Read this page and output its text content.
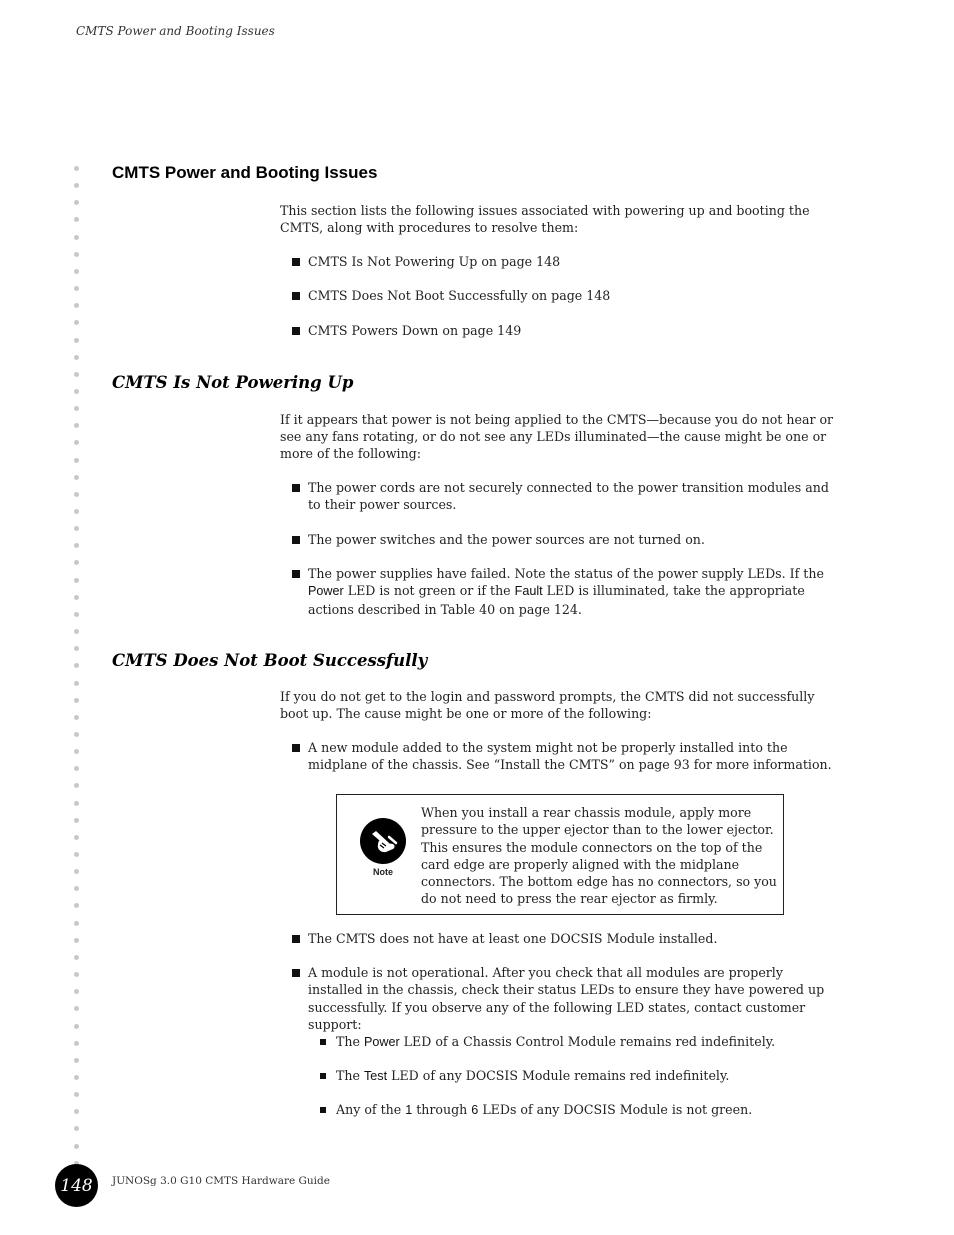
CMTS Power and Booting Issues
CMTS Power and Booting Issues

This section lists the following issues associated with powering up and booting the CMTS, along with procedures to resolve them:

CMTS Is Not Powering Up on page 148
CMTS Does Not Boot Successfully on page 148
CMTS Powers Down on page 149
CMTS Is Not Powering Up

If it appears that power is not being applied to the CMTS—because you do not hear or see any fans rotating, or do not see any LEDs illuminated—the cause might be one or more of the following:

The power cords are not securely connected to the power transition modules and to their power sources.
The power switches and the power sources are not turned on.
The power supplies have failed. Note the status of the power supply LEDs. If the Power LED is not green or if the Fault LED is illuminated, take the appropriate actions described in Table 40 on page 124.
CMTS Does Not Boot Successfully

If you do not get to the login and password prompts, the CMTS did not successfully boot up. The cause might be one or more of the following:

A new module added to the system might not be properly installed into the midplane of the chassis. See “Install the CMTS” on page 93 for more information.
Note
When you install a rear chassis module, apply more pressure to the upper ejector than to the lower ejector. This ensures the module connectors on the top of the card edge are properly aligned with the midplane connectors. The bottom edge has no connectors, so you do not need to press the rear ejector as firmly.
The CMTS does not have at least one DOCSIS Module installed.
A module is not operational. After you check that all modules are properly installed in the chassis, check their status LEDs to ensure they have powered up successfully. If you observe any of the following LED states, contact customer support:
The Power LED of a Chassis Control Module remains red indefinitely.
The Test LED of any DOCSIS Module remains red indefinitely.
Any of the 1 through 6 LEDs of any DOCSIS Module is not green.
148	JUNOSg 3.0 G10 CMTS Hardware Guide
